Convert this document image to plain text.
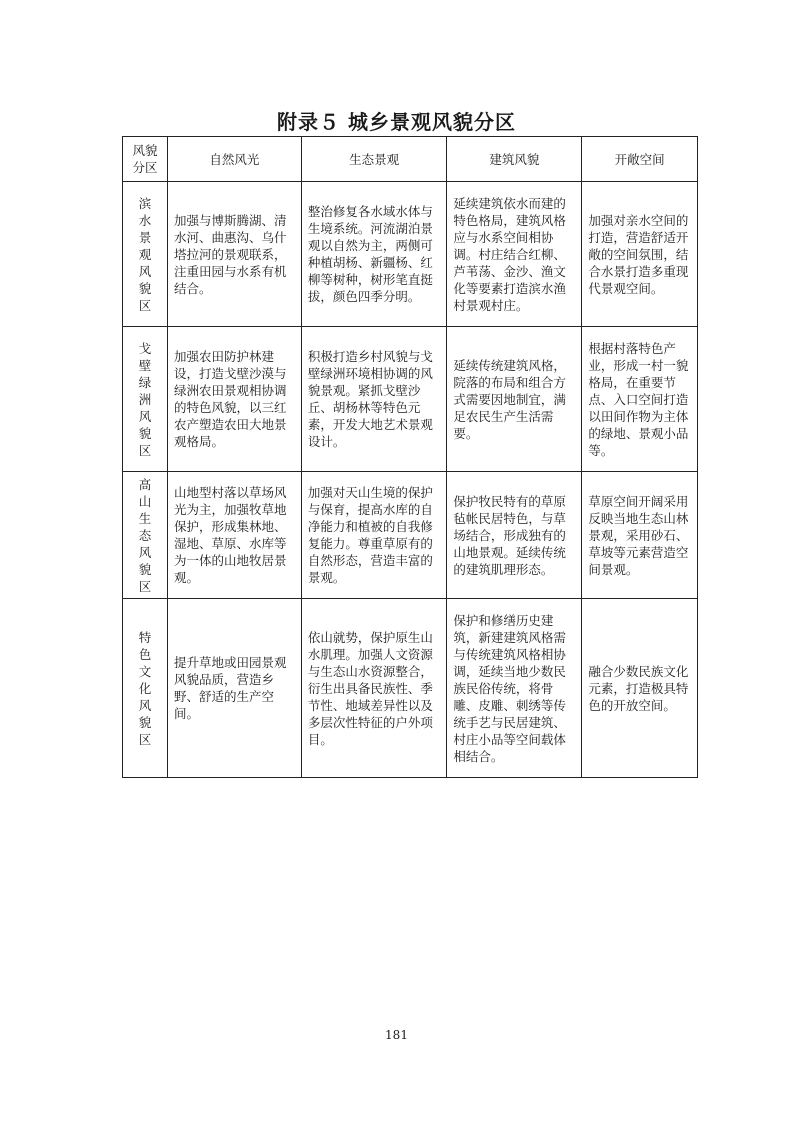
附录５ 城乡景观风貌分区
风貌分区	自然风光	生态景观	建筑风貌	开敞空间
滨水景观风貌区	加强与博斯腾湖、清水河、曲惠沟、乌什塔拉河的景观联系，注重田园与水系有机结合。	整治修复各水域水体与生境系统。河流湖泊景观以自然为主，两侧可种植胡杨、新疆杨、红柳等树种，树形笔直挺拔，颜色四季分明。	延续建筑依水而建的特色格局，建筑风格应与水系空间相协调。村庄结合红柳、芦苇荡、金沙、渔文化等要素打造滨水渔村景观村庄。	加强对亲水空间的打造，营造舒适开敞的空间氛围，结合水景打造多重现代景观空间。
戈壁绿洲风貌区	加强农田防护林建设，打造戈壁沙漠与绿洲农田景观相协调的特色风貌，以三红农产塑造农田大地景观格局。	积极打造乡村风貌与戈壁绿洲环境相协调的风貌景观。紧抓戈壁沙丘、胡杨林等特色元素，开发大地艺术景观设计。	延续传统建筑风格，院落的布局和组合方式需要因地制宜，满足农民生产生活需要。	根据村落特色产业，形成一村一貌格局，在重要节点、入口空间打造以田间作物为主体的绿地、景观小品等。
高山生态风貌区	山地型村落以草场风光为主，加强牧草地保护，形成集林地、湿地、草原、水库等为一体的山地牧居景观。	加强对天山生境的保护与保育，提高水库的自净能力和植被的自我修复能力。尊重草原有的自然形态，营造丰富的景观。	保护牧民特有的草原毡帐民居特色，与草场结合，形成独有的山地景观。延续传统的建筑肌理形态。	草原空间开阔采用反映当地生态山林景观，采用砂石、草坡等元素营造空间景观。
特色文化风貌区	提升草地或田园景观风貌品质，营造乡野、舒适的生产空间。	依山就势，保护原生山水肌理。加强人文资源与生态山水资源整合，衍生出具备民族性、季节性、地域差异性以及多层次性特征的户外项目。	保护和修缮历史建筑，新建建筑风格需与传统建筑风格相协调，延续当地少数民族民俗传统，将骨雕、皮雕、刺绣等传统手艺与民居建筑、村庄小品等空间载体相结合。	融合少数民族文化元素，打造极具特色的开放空间。
181
